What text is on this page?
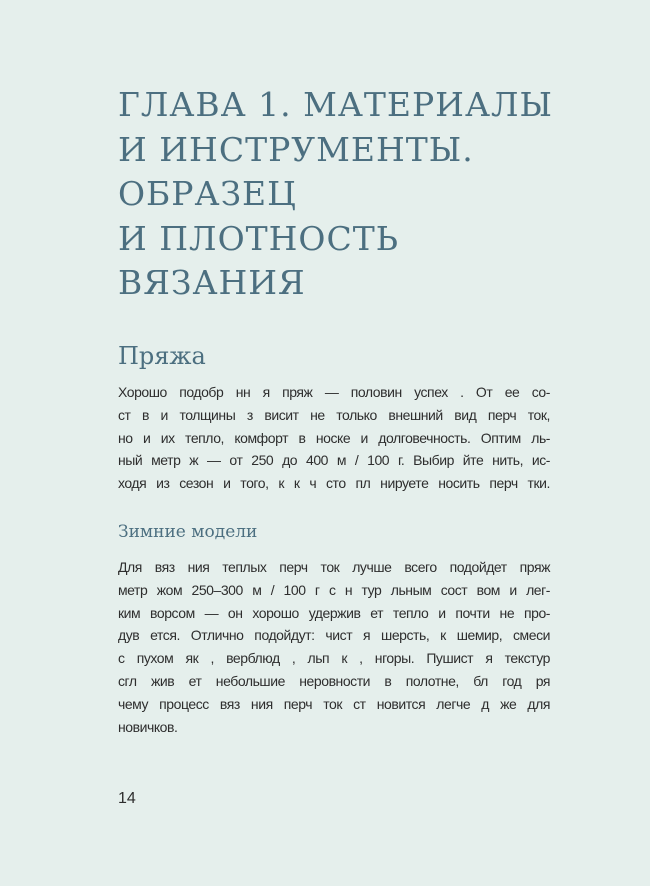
ГЛАВА 1. МАТЕРИАЛЫ
И ИНСТРУМЕНТЫ.
ОБРАЗЕЦ
И ПЛОТНОСТЬ
ВЯЗАНИЯ
Пряжа
Хорошо подобр нн я пряж — половин успех . От ее со-
ст в и толщины з висит не только внешний вид перч ток,
но и их тепло, комфорт в носке и долговечность. Оптим ль-
ный метр ж — от 250 до 400 м / 100 г. Выбир йте нить, ис-
ходя из сезон и того, к к ч сто пл нируете носить перч тки.
Зимние модели
Для вяз ния теплых перч ток лучше всего подойдет пряж
метр жом 250–300 м / 100 г с н тур льным сост вом и лег-
ким ворсом — он хорошо удержив ет тепло и почти не про-
дув ется. Отлично подойдут: чист я шерсть, к шемир, смеси
с пухом як , верблюд , льп к , нгоры. Пушист я текстур
сгл жив ет небольшие неровности в полотне, бл год ря
чему процесс вяз ния перч ток ст новится легче д же для
новичков.
14
